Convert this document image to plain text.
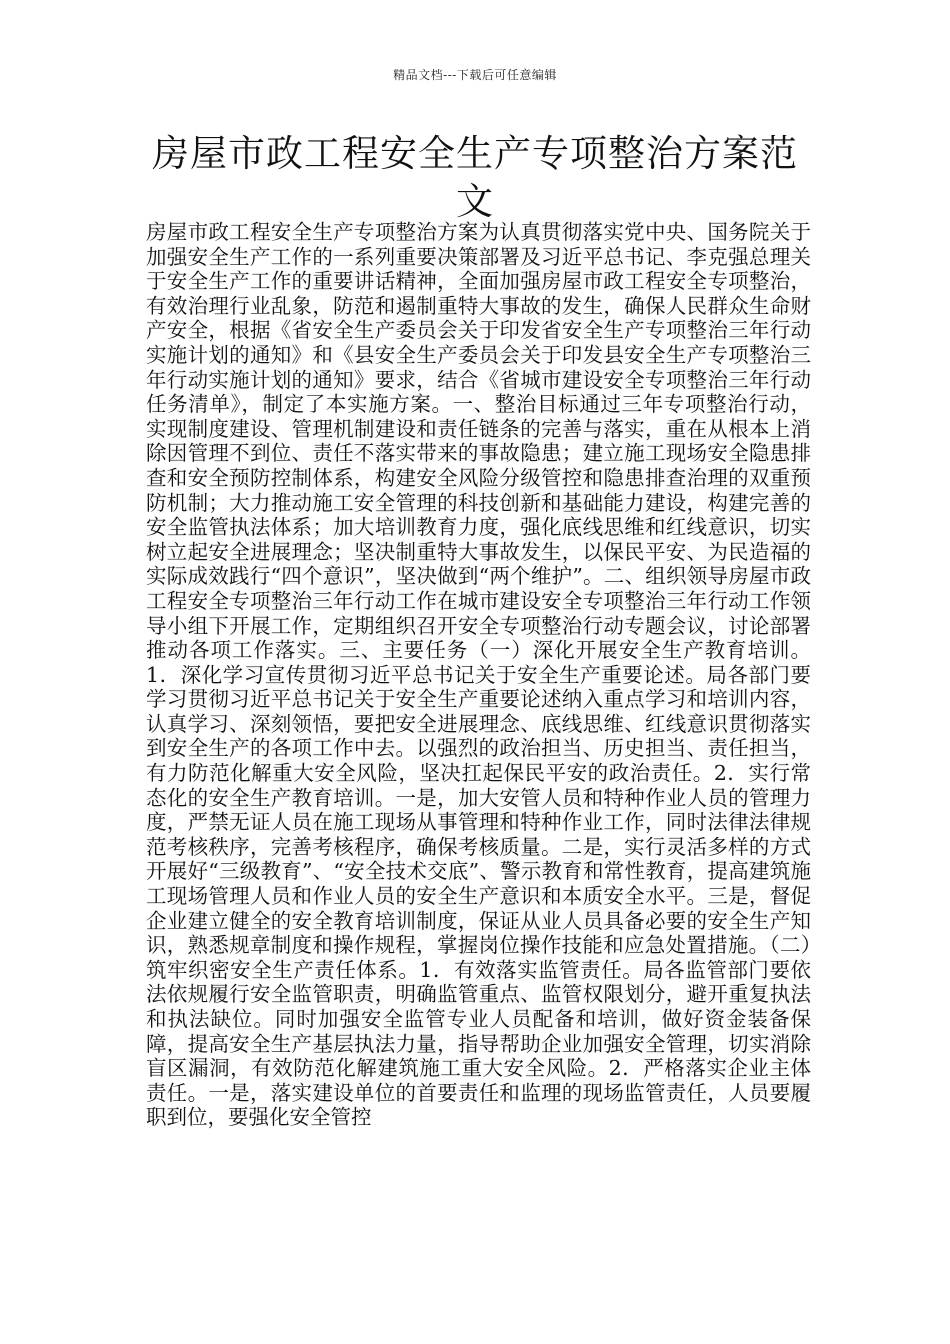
精品文档---下载后可任意编辑
房屋市政工程安全生产专项整治方案范文

房屋市政工程安全生产专项整治方案为认真贯彻落实党中央、国务院关于加强安全生产工作的一系列重要决策部署及习近平总书记、李克强总理关于安全生产工作的重要讲话精神，全面加强房屋市政工程安全专项整治，有效治理行业乱象，防范和遏制重特大事故的发生，确保人民群众生命财产安全，根据《省安全生产委员会关于印发省安全生产专项整治三年行动实施计划的通知》和《县安全生产委员会关于印发县安全生产专项整治三年行动实施计划的通知》要求，结合《省城市建设安全专项整治三年行动任务清单》，制定了本实施方案。一、整治目标通过三年专项整治行动，实现制度建设、管理机制建设和责任链条的完善与落实，重在从根本上消除因管理不到位、责任不落实带来的事故隐患；建立施工现场安全隐患排查和安全预防控制体系，构建安全风险分级管控和隐患排查治理的双重预防机制；大力推动施工安全管理的科技创新和基础能力建设，构建完善的安全监管执法体系；加大培训教育力度，强化底线思维和红线意识，切实树立起安全进展理念；坚决制重特大事故发生，以保民平安、为民造福的实际成效践行“四个意识”，坚决做到“两个维护”。二、组织领导房屋市政工程安全专项整治三年行动工作在城市建设安全专项整治三年行动工作领导小组下开展工作，定期组织召开安全专项整治行动专题会议，讨论部署推动各项工作落实。三、主要任务（一）深化开展安全生产教育培训。1．深化学习宣传贯彻习近平总书记关于安全生产重要论述。局各部门要学习贯彻习近平总书记关于安全生产重要论述纳入重点学习和培训内容，认真学习、深刻领悟，要把安全进展理念、底线思维、红线意识贯彻落实到安全生产的各项工作中去。以强烈的政治担当、历史担当、责任担当，有力防范化解重大安全风险，坚决扛起保民平安的政治责任。2．实行常态化的安全生产教育培训。一是，加大安管人员和特种作业人员的管理力度，严禁无证人员在施工现场从事管理和特种作业工作，同时法律法律规范考核秩序，完善考核程序，确保考核质量。二是，实行灵活多样的方式开展好“三级教育”、“安全技术交底”、警示教育和常性教育，提高建筑施工现场管理人员和作业人员的安全生产意识和本质安全水平。三是，督促企业建立健全的安全教育培训制度，保证从业人员具备必要的安全生产知识，熟悉规章制度和操作规程，掌握岗位操作技能和应急处置措施。（二）筑牢织密安全生产责任体系。1．有效落实监管责任。局各监管部门要依法依规履行安全监管职责，明确监管重点、监管权限划分，避开重复执法和执法缺位。同时加强安全监管专业人员配备和培训，做好资金装备保障，提高安全生产基层执法力量，指导帮助企业加强安全管理，切实消除盲区漏洞，有效防范化解建筑施工重大安全风险。2．严格落实企业主体责任。一是，落实建设单位的首要责任和监理的现场监管责任，人员要履职到位，要强化安全管控
